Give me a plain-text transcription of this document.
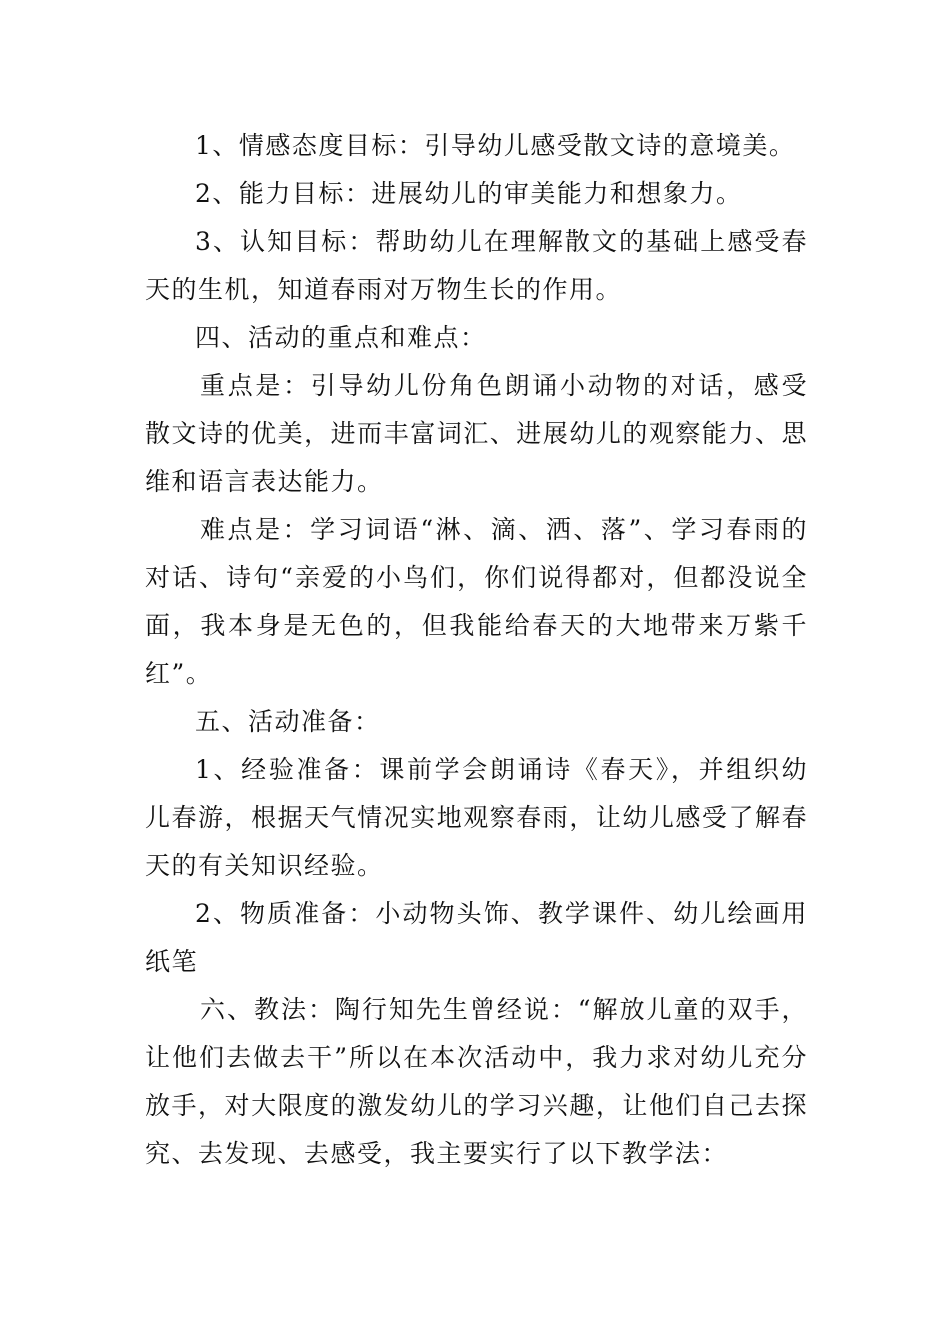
1、情感态度目标：引导幼儿感受散文诗的意境美。

2、能力目标：进展幼儿的审美能力和想象力。

3、认知目标：帮助幼儿在理解散文的基础上感受春天的生机，知道春雨对万物生长的作用。

四、活动的重点和难点：

重点是：引导幼儿份角色朗诵小动物的对话，感受散文诗的优美，进而丰富词汇、进展幼儿的观察能力、思维和语言表达能力。

难点是：学习词语“淋、滴、洒、落”、学习春雨的对话、诗句“亲爱的小鸟们，你们说得都对，但都没说全面，我本身是无色的，但我能给春天的大地带来万紫千红”。

五、活动准备：

1、经验准备：课前学会朗诵诗《春天》，并组织幼儿春游，根据天气情况实地观察春雨，让幼儿感受了解春天的有关知识经验。

2、物质准备：小动物头饰、教学课件、幼儿绘画用纸笔

六、教法：陶行知先生曾经说：“解放儿童的双手，让他们去做去干”所以在本次活动中，我力求对幼儿充分放手，对大限度的激发幼儿的学习兴趣，让他们自己去探究、去发现、去感受，我主要实行了以下教学法：
